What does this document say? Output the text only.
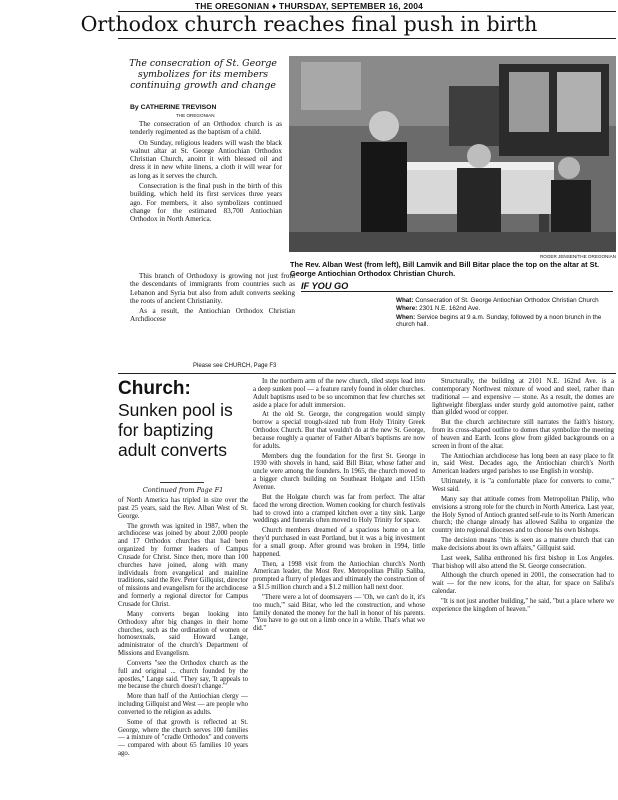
THE OREGONIAN ♦ THURSDAY, SEPTEMBER 16, 2004
Orthodox church reaches final push in birth
The consecration of St. George symbolizes for its members continuing growth and change
By CATHERINE TREVISON
THE OREGONIAN

The consecration of an Orthodox church is as tenderly regimented as the baptism of a child.

On Sunday, religious leaders will wash the black walnut altar at St. George Antiochian Orthodox Christian Church, anoint it with blessed oil and dress it in new white linens, a cloth it will wear for as long as it serves the church.

Consecration is the final push in the birth of this building, which held its first services three years ago. For members, it also symbolizes continued change for the estimated 83,700 Antiochian Orthodox in North America.

This branch of Orthodoxy is growing not just from the descendants of immigrants from countries such as Lebanon and Syria but also from adult converts seeking the roots of ancient Christianity.

As a result, the Antiochian Orthodox Christian Archdiocese

Please see CHURCH, Page F3
ROGER JENSEN/THE OREGONIAN
The Rev. Alban West (from left), Bill Lamvik and Bill Bitar place the top on the altar at St. George Antiochian Orthodox Christian Church.
IF YOU GO

What: Consecration of St. George Antiochian Orthodox Christian Church

Where: 2301 N.E. 162nd Ave.

When: Service begins at 9 a.m. Sunday, followed by a noon brunch in the church hall.

Church:
Sunken pool is for baptizing adult converts
Continued from Page F1

of North America has tripled in size over the past 25 years, said the Rev. Alban West of St. George.

The growth was ignited in 1987, when the archdiocese was joined by about 2,000 people and 17 Orthodox churches that had been organized by former leaders of Campus Crusade for Christ. Since then, more than 100 churches have joined, along with many individuals from evangelical and mainline traditions, said the Rev. Peter Gillquist, director of missions and evangelism for the archdiocese and formerly a regional director for Campus Crusade for Christ.

Many converts began looking into Orthodoxy after big changes in their home churches, such as the ordination of women or homosexuals, said Howard Lange, administrator of the church's Department of Missions and Evangelism.

Converts "see the Orthodox church as the full and original ... church founded by the apostles," Lange said. "They say, 'It appeals to me because the church doesn't change.'"

More than half of the Antiochian clergy — including Gillquist and West — are people who converted to the religion as adults.

Some of that growth is reflected at St. George, where the church serves 100 families — a mixture of "cradle Orthodox" and converts — compared with about 65 families 10 years ago.

In the northern arm of the new church, tiled steps lead into a deep sunken pool — a feature rarely found in older churches. Adult baptisms used to be so uncommon that few churches set aside a place for adult immersion.

At the old St. George, the congregation would simply borrow a special trough-sized tub from Holy Trinity Greek Orthodox Church. But that wouldn't do at the new St. George, because roughly a quarter of Father Alban's baptisms are now for adults.

Members dug the foundation for the first St. George in 1930 with shovels in hand, said Bill Bitar, whose father and uncle were among the founders. In 1965, the church moved to a bigger church building on Southeast Holgate and 115th Avenue.

But the Holgate church was far from perfect. The altar faced the wrong direction. Women cooking for church festivals had to crowd into a cramped kitchen over a tiny sink. Large weddings and funerals often moved to Holy Trinity for space.

Church members dreamed of a spacious home on a lot they'd purchased in east Portland, but it was a big investment for a small group. After ground was broken in 1994, little happened.

Then, a 1998 visit from the Antiochian church's North American leader, the Most Rev. Metropolitan Philip Saliba, prompted a flurry of pledges and ultimately the construction of a $1.5 million church and a $1.2 million hall next door.

"There were a lot of doomsayers — 'Oh, we can't do it, it's too much,'" said Bitar, who led the construction, and whose family donated the money for the hall in honor of his parents. "You have to go out on a limb once in a while. That's what we did."

Structurally, the building at 2101 N.E. 162nd Ave. is a contemporary Northwest mixture of wood and steel, rather than traditional — and expensive — stone. As a result, the domes are lightweight fiberglass under sturdy gold automotive paint, rather than gilded wood or copper.

But the church architecture still narrates the faith's history, from its cross-shaped outline to domes that symbolize the meeting of heaven and Earth. Icons glow from gilded backgrounds on a screen in front of the altar.

The Antiochian archdiocese has long been an easy place to fit in, said West. Decades ago, the Antiochian church's North American leaders urged parishes to use English in worship.

Ultimately, it is "a comfortable place for converts to come," West said.

Many say that attitude comes from Metropolitan Philip, who envisions a strong role for the church in North America. Last year, the Holy Synod of Antioch granted self-rule to its North American church; the change already has allowed Saliba to organize the country into regional dioceses and to choose his own bishops.

The decision means "this is seen as a mature church that can make decisions about its own affairs," Gillquist said.

Last week, Saliba enthroned his first bishop in Los Angeles. That bishop will also attend the St. George consecration.

Although the church opened in 2001, the consecration had to wait — for the new icons, for the altar, for space on Saliba's calendar.

"It is not just another building," he said, "but a place where we experience the kingdom of heaven."
